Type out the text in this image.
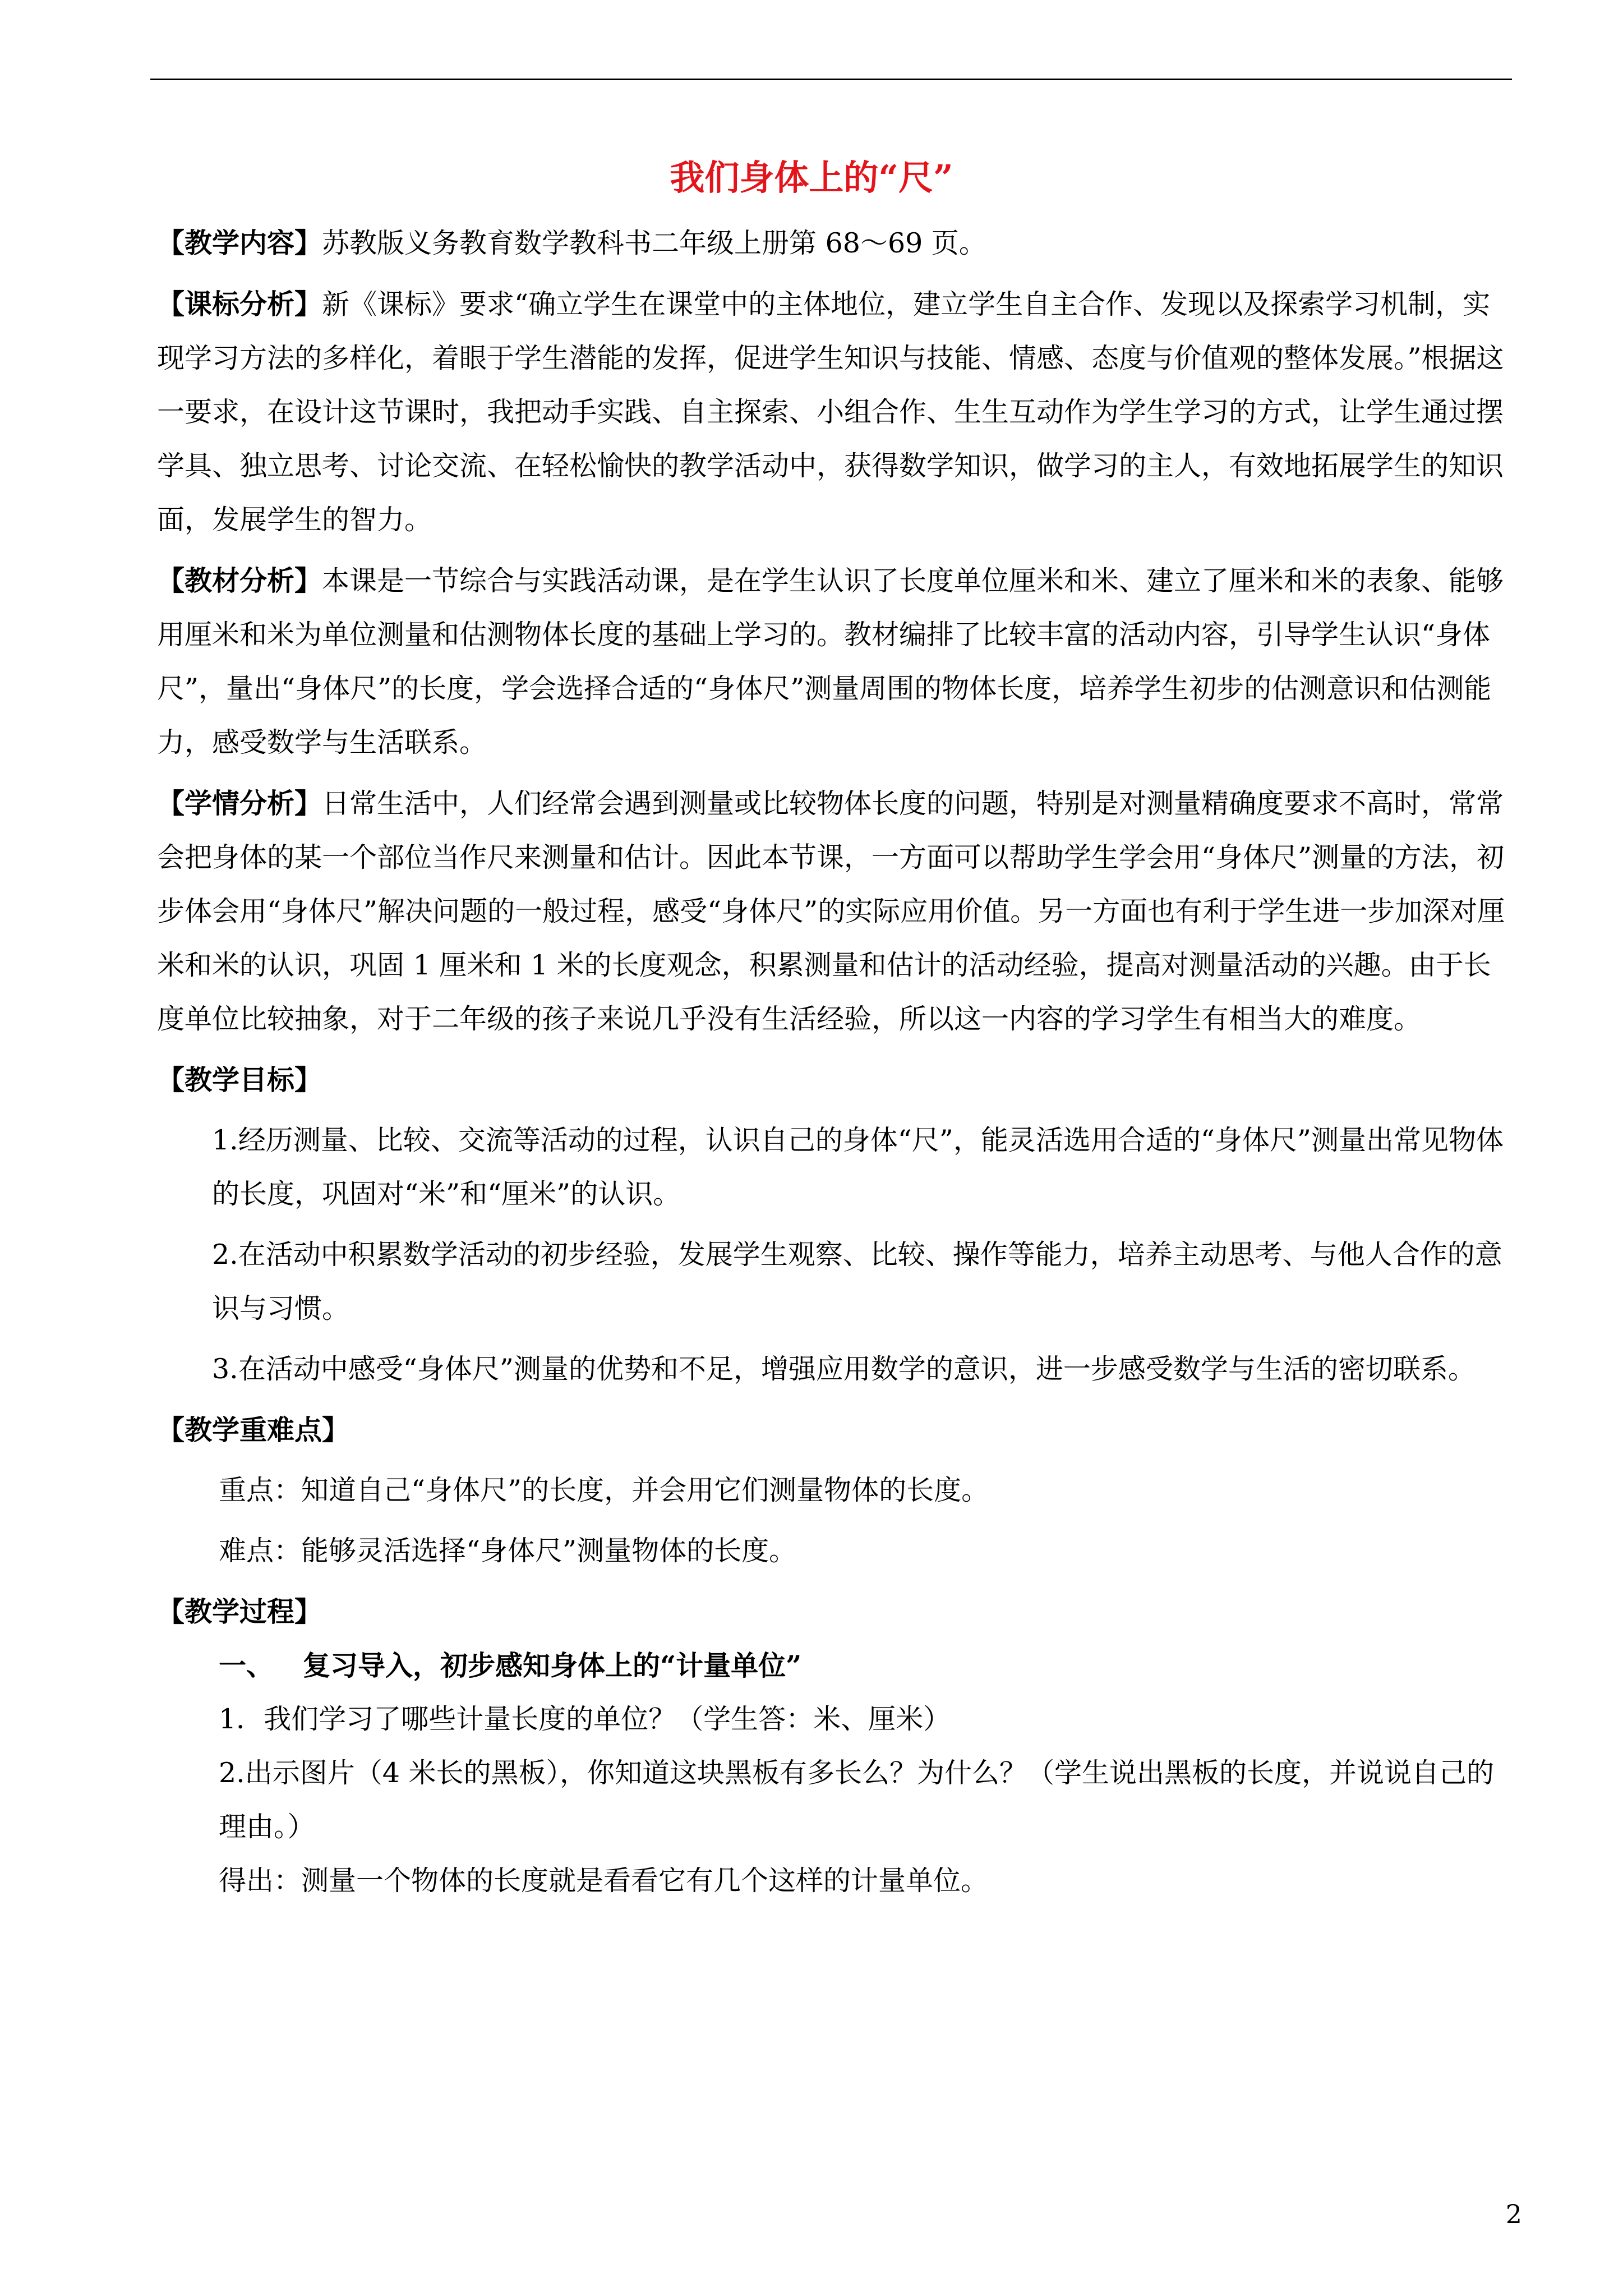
我们身体上的“尺”

【教学内容】苏教版义务教育数学教科书二年级上册第 68～69 页。

【课标分析】新《课标》要求“确立学生在课堂中的主体地位，建立学生自主合作、发现以及探索学习机制，实现学习方法的多样化，着眼于学生潜能的发挥，促进学生知识与技能、情感、态度与价值观的整体发展。”根据这一要求，在设计这节课时，我把动手实践、自主探索、小组合作、生生互动作为学生学习的方式，让学生通过摆学具、独立思考、讨论交流、在轻松愉快的教学活动中，获得数学知识，做学习的主人，有效地拓展学生的知识面，发展学生的智力。

【教材分析】本课是一节综合与实践活动课，是在学生认识了长度单位厘米和米、建立了厘米和米的表象、能够用厘米和米为单位测量和估测物体长度的基础上学习的。教材编排了比较丰富的活动内容，引导学生认识“身体尺”，量出“身体尺”的长度，学会选择合适的“身体尺”测量周围的物体长度，培养学生初步的估测意识和估测能力，感受数学与生活联系。

【学情分析】日常生活中，人们经常会遇到测量或比较物体长度的问题，特别是对测量精确度要求不高时，常常会把身体的某一个部位当作尺来测量和估计。因此本节课，一方面可以帮助学生学会用“身体尺”测量的方法，初步体会用“身体尺”解决问题的一般过程，感受“身体尺”的实际应用价值。另一方面也有利于学生进一步加深对厘米和米的认识，巩固 1 厘米和 1 米的长度观念，积累测量和估计的活动经验，提高对测量活动的兴趣。由于长度单位比较抽象，对于二年级的孩子来说几乎没有生活经验，所以这一内容的学习学生有相当大的难度。

【教学目标】

1.经历测量、比较、交流等活动的过程，认识自己的身体“尺”，能灵活选用合适的“身体尺”测量出常见物体的长度，巩固对“米”和“厘米”的认识。

2.在活动中积累数学活动的初步经验，发展学生观察、比较、操作等能力，培养主动思考、与他人合作的意识与习惯。

3.在活动中感受“身体尺”测量的优势和不足，增强应用数学的意识，进一步感受数学与生活的密切联系。

【教学重难点】

重点：知道自己“身体尺”的长度，并会用它们测量物体的长度。

难点：能够灵活选择“身体尺”测量物体的长度。

【教学过程】

一、 复习导入，初步感知身体上的“计量单位”

1．我们学习了哪些计量长度的单位？（学生答：米、厘米）

2.出示图片（4 米长的黑板），你知道这块黑板有多长么？为什么？（学生说出黑板的长度，并说说自己的理由。）

得出：测量一个物体的长度就是看看它有几个这样的计量单位。

2
